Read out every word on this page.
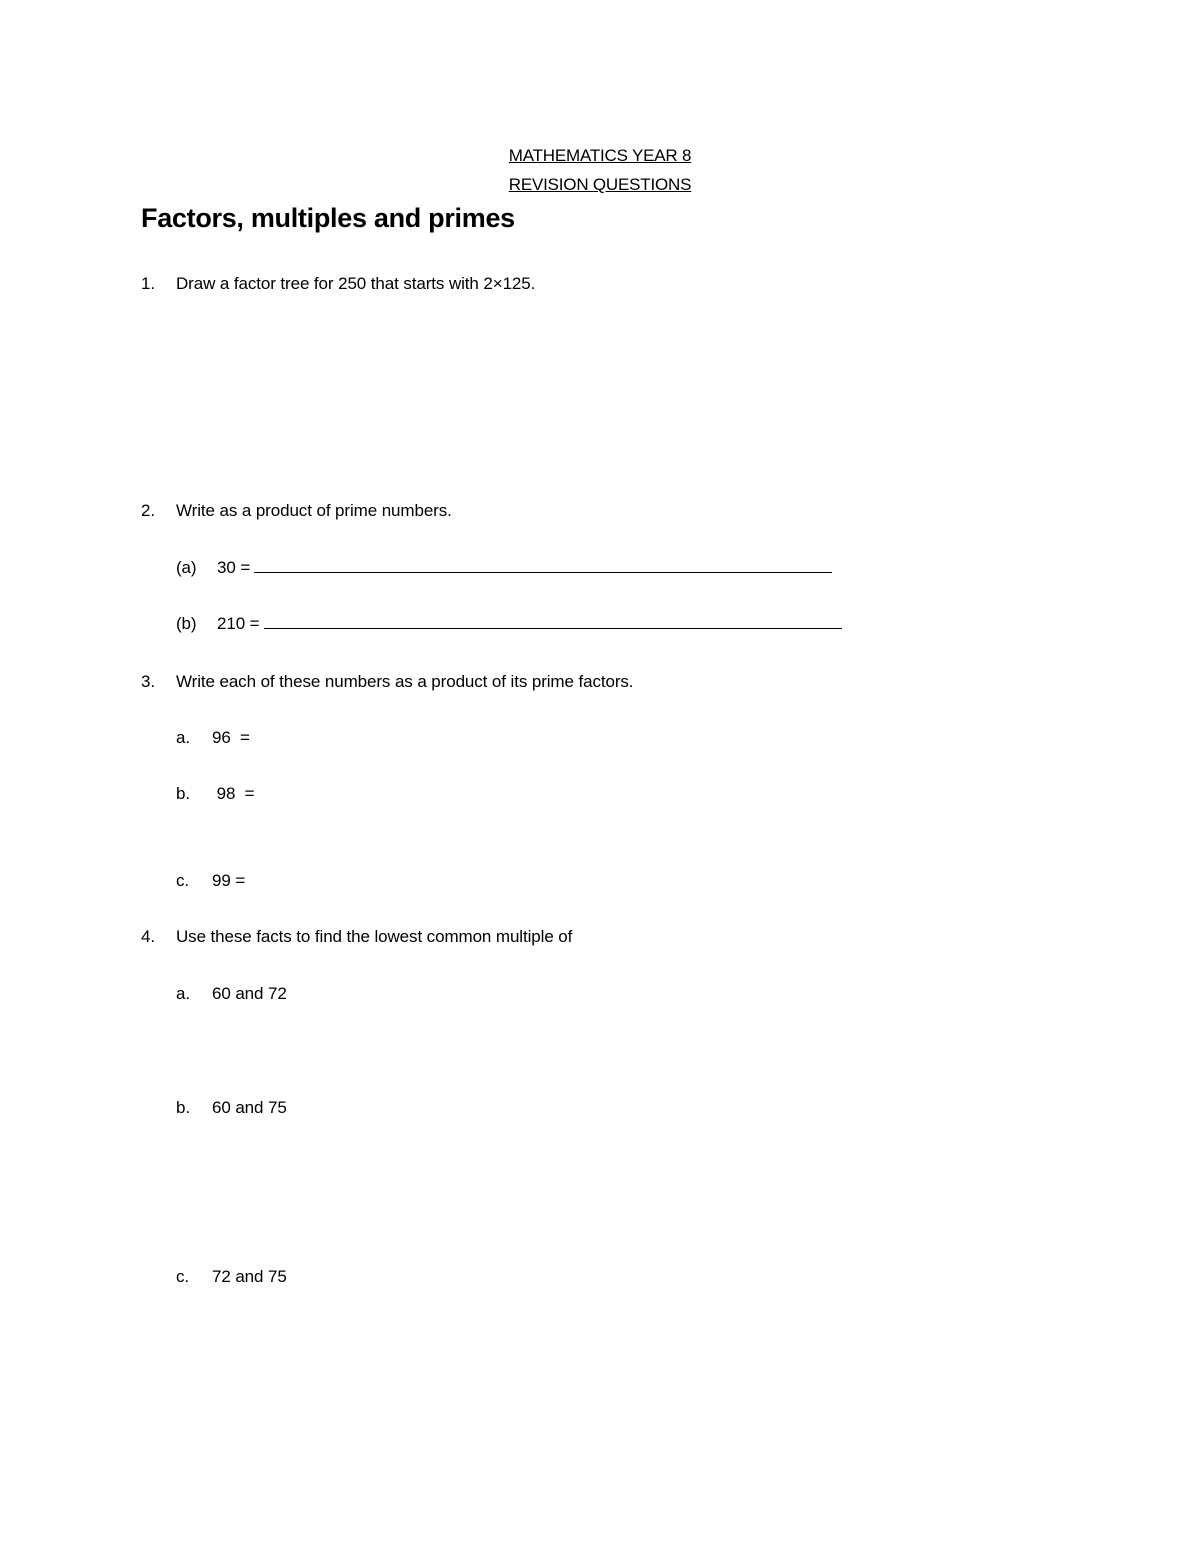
MATHEMATICS YEAR 8
REVISION QUESTIONS
Factors, multiples and primes
1. Draw a factor tree for 250 that starts with 2×125.
2. Write as a product of prime numbers.
(a) 30 =
(b) 210 =
3. Write each of these numbers as a product of its prime factors.
a. 96  =
b. 98  =
c. 99 =
4. Use these facts to find the lowest common multiple of
a. 60 and 72
b. 60 and 75
c. 72 and 75
